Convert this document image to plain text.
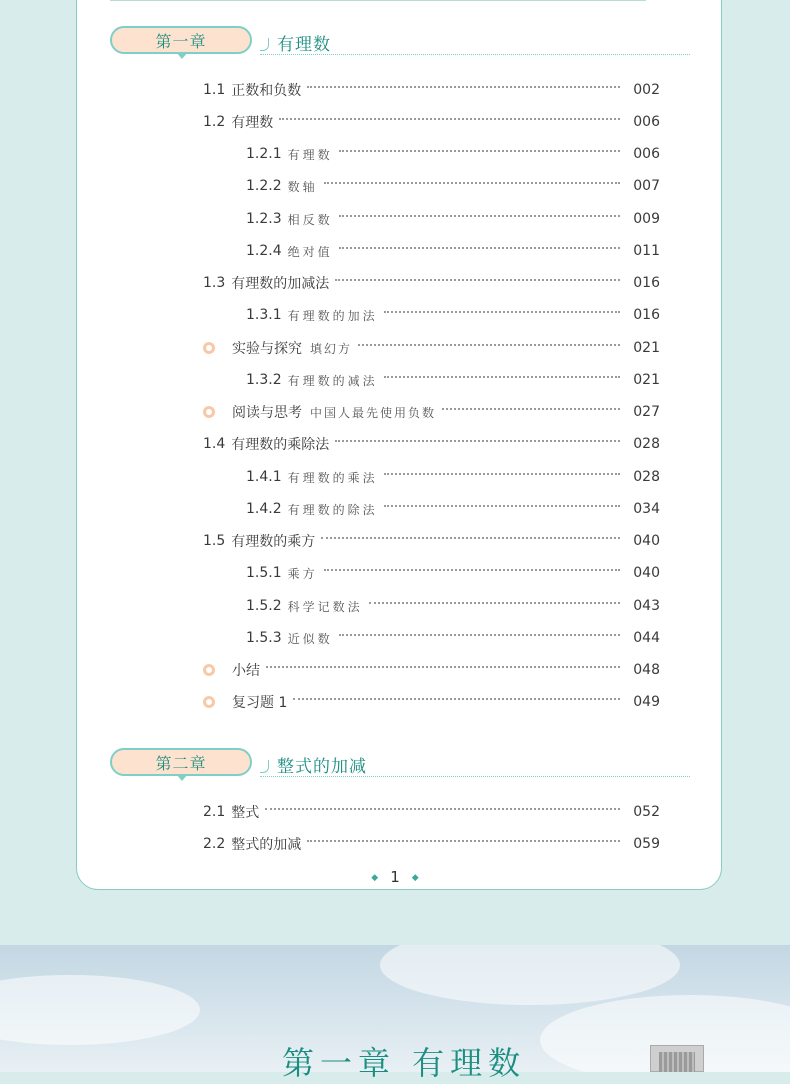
第一章	有理数
1.1 正数和负数	002
1.2 有理数	006
1.2.1 有理数	006
1.2.2 数轴	007
1.2.3 相反数	009
1.2.4 绝对值	011
1.3 有理数的加减法	016
1.3.1 有理数的加法	016
实验与探究 填幻方	021
1.3.2 有理数的减法	021
阅读与思考 中国人最先使用负数	027
1.4 有理数的乘除法	028
1.4.1 有理数的乘法	028
1.4.2 有理数的除法	034
1.5 有理数的乘方	040
1.5.1 乘方	040
1.5.2 科学记数法	043
1.5.3 近似数	044
小结	048
复习题 1	049
第二章	整式的加减
2.1 整式	052
2.2 整式的加减	059
◆ 1 ◆
第一章 有理数
